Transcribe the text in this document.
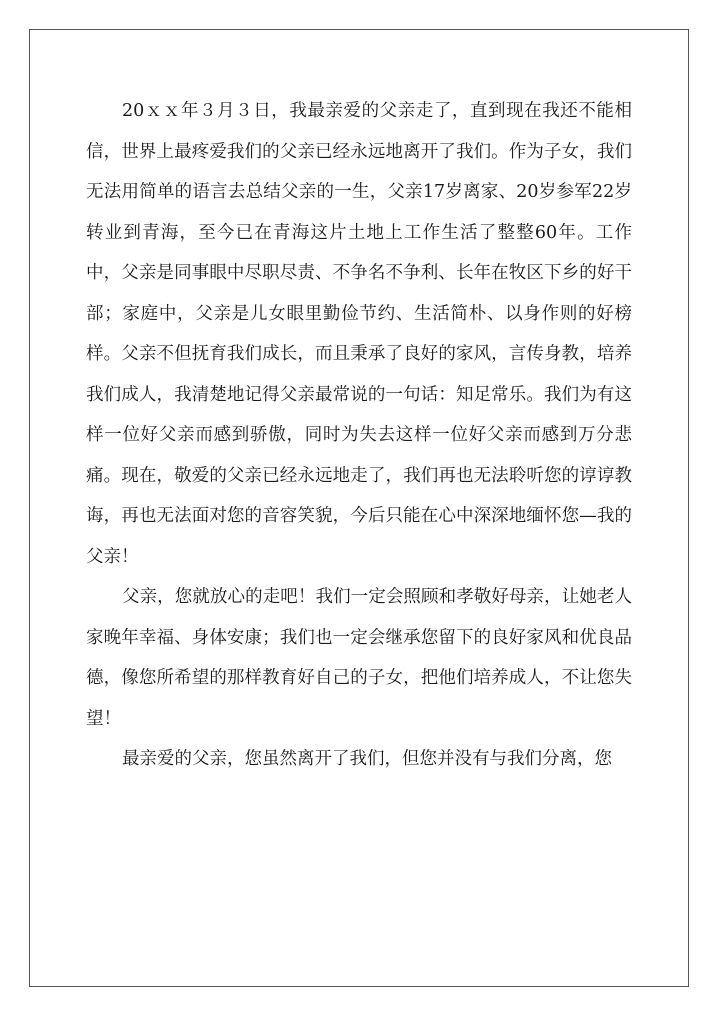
20ｘｘ年３月３日，我最亲爱的父亲走了，直到现在我还不能相信，世界上最疼爱我们的父亲已经永远地离开了我们。作为子女，我们无法用简单的语言去总结父亲的一生，父亲17岁离家、20岁参军22岁转业到青海，至今已在青海这片土地上工作生活了整整60年。工作中，父亲是同事眼中尽职尽责、不争名不争利、长年在牧区下乡的好干部；家庭中，父亲是儿女眼里勤俭节约、生活简朴、以身作则的好榜样。父亲不但抚育我们成长，而且秉承了良好的家风，言传身教，培养我们成人，我清楚地记得父亲最常说的一句话：知足常乐。我们为有这样一位好父亲而感到骄傲，同时为失去这样一位好父亲而感到万分悲痛。现在，敬爱的父亲已经永远地走了，我们再也无法聆听您的谆谆教诲，再也无法面对您的音容笑貌，今后只能在心中深深地缅怀您—我的父亲！

父亲，您就放心的走吧！我们一定会照顾和孝敬好母亲，让她老人家晚年幸福、身体安康；我们也一定会继承您留下的良好家风和优良品德，像您所希望的那样教育好自己的子女，把他们培养成人，不让您失望！

最亲爱的父亲，您虽然离开了我们，但您并没有与我们分离，您
